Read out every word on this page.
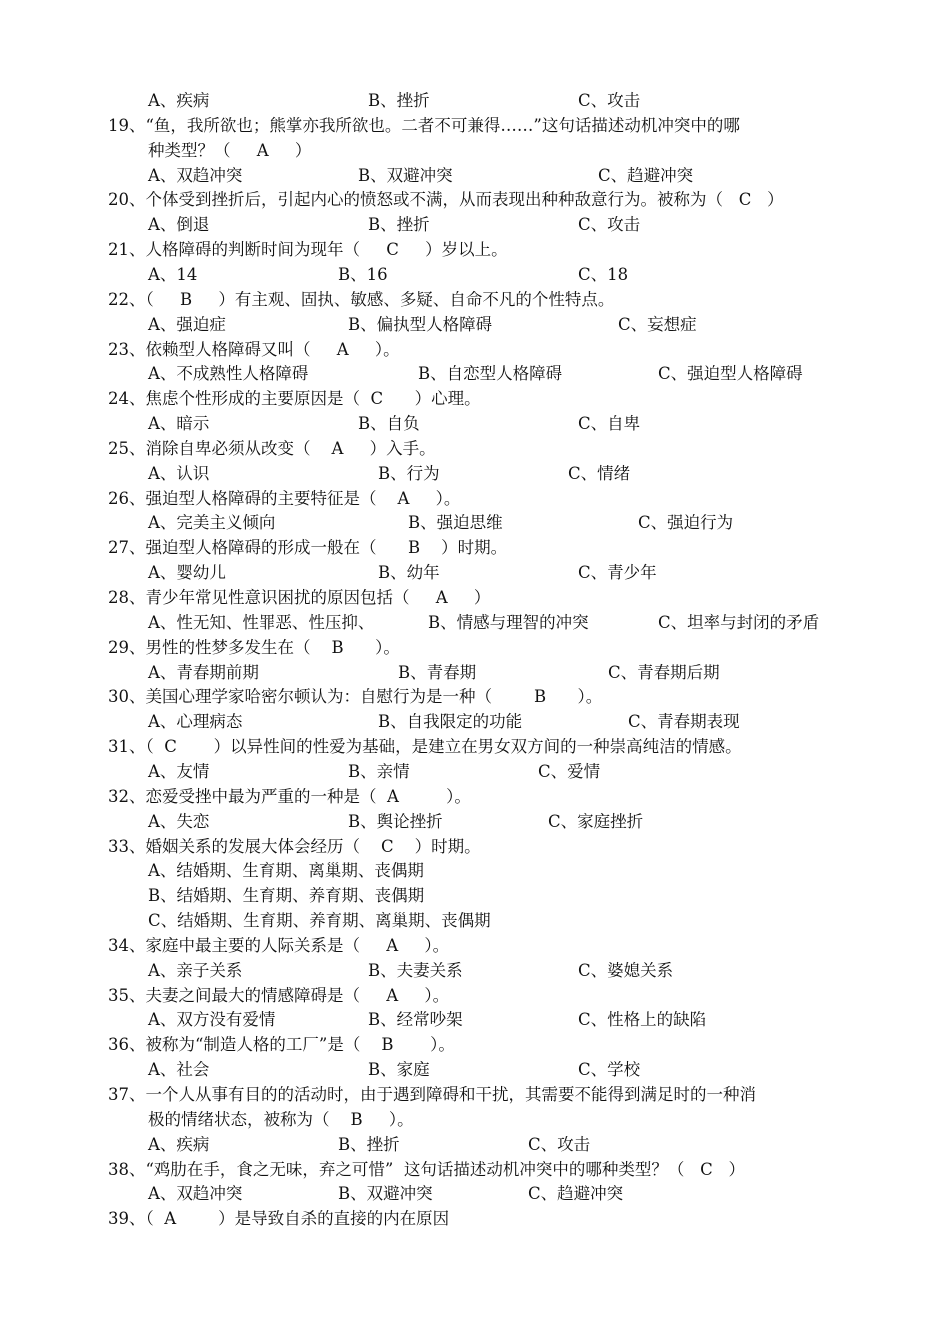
A、疾病	B、挫折	C、攻击
19、“鱼，我所欲也；熊掌亦我所欲也。二者不可兼得……”这句话描述动机冲突中的哪
种类型？（     A     ）
A、双趋冲突	B、双避冲突	C、趋避冲突
20、个体受到挫折后，引起内心的愤怒或不满，从而表现出种种敌意行为。被称为（   C   ）
A、倒退	B、挫折	C、攻击
21、人格障碍的判断时间为现年（     C     ）岁以上。
A、14	B、16	C、18
22、（     B     ）有主观、固执、敏感、多疑、自命不凡的个性特点。
A、强迫症	B、偏执型人格障碍	C、妄想症
23、依赖型人格障碍又叫（     A     ）。
A、不成熟性人格障碍	B、自恋型人格障碍	C、强迫型人格障碍
24、焦虑个性形成的主要原因是（  C      ）心理。
A、暗示	B、自负	C、自卑
25、消除自卑必须从改变（    A     ）入手。
A、认识	B、行为	C、情绪
26、强迫型人格障碍的主要特征是（    A     ）。
A、完美主义倾向	B、强迫思维	C、强迫行为
27、强迫型人格障碍的形成一般在（      B    ）时期。
A、婴幼儿	B、幼年	C、青少年
28、青少年常见性意识困扰的原因包括（     A     ）
A、性无知、性罪恶、性压抑、	B、情感与理智的冲突	C、坦率与封闭的矛盾
29、男性的性梦多发生在（    B      ）。
A、青春期前期	B、青春期	C、青春期后期
30、美国心理学家哈密尔顿认为：自慰行为是一种（        B      ）。
A、心理病态	B、自我限定的功能	C、青春期表现
31、（  C       ）以异性间的性爱为基础，是建立在男女双方间的一种崇高纯洁的情感。
A、友情	B、亲情	C、爱情
32、恋爱受挫中最为严重的一种是（  A         ）。
A、失恋	B、舆论挫折	C、家庭挫折
33、婚姻关系的发展大体会经历（    C    ）时期。
A、结婚期、生育期、离巢期、丧偶期
B、结婚期、生育期、养育期、丧偶期
C、结婚期、生育期、养育期、离巢期、丧偶期
34、家庭中最主要的人际关系是（     A     ）。
A、亲子关系	B、夫妻关系	C、婆媳关系
35、夫妻之间最大的情感障碍是（     A     ）。
A、双方没有爱情	B、经常吵架	C、性格上的缺陷
36、被称为“制造人格的工厂”是（    B       ）。
A、社会	B、家庭	C、学校
37、一个人从事有目的的活动时，由于遇到障碍和干扰，其需要不能得到满足时的一种消
极的情绪状态，被称为（    B     ）。
A、疾病	B、挫折	C、攻击
38、“鸡肋在手，食之无味，弃之可惜”  这句话描述动机冲突中的哪种类型？（   C   ）
A、双趋冲突	B、双避冲突	C、趋避冲突
39、（  A        ）是导致自杀的直接的内在原因
